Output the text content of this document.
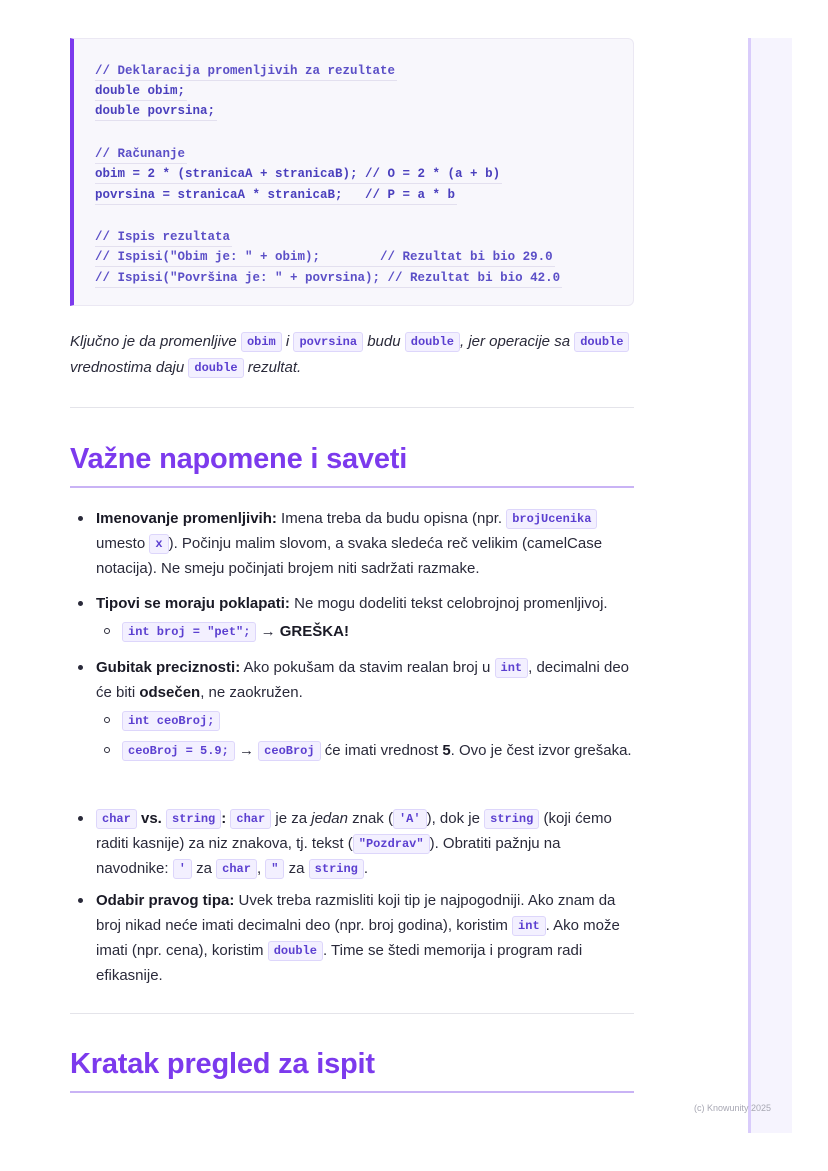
(c) Knowunity 2025
// Deklaracija promenljivih za rezultate
double obim;
double povrsina;
// Računanje
obim = 2 * (stranicaA + stranicaB); // O = 2 * (a + b)
povrsina = stranicaA * stranicaB;   // P = a * b
// Ispis rezultata
// Ispisi("Obim je: " + obim);        // Rezultat bi bio 29.0
// Ispisi("Površina je: " + povrsina); // Rezultat bi bio 42.0
Ključno je da promenljive obim i povrsina budu double , jer operacije sa double vrednostima daju double rezultat.
Važne napomene i saveti
Imenovanje promenljivih: Imena treba da budu opisna (npr. brojUcenika umesto x ). Počinju malim slovom, a svaka sledeća reč velikim (camelCase notacija). Ne smeju počinjati brojem niti sadržati razmake.
Tipovi se moraju poklapati: Ne mogu dodeliti tekst celobrojnoj promenljivoj.
int broj = "pet"; → GREŠKA!
Gubitak preciznosti: Ako pokušam da stavim realan broj u int , decimalni deo će biti odsečen, ne zaokružen.
int ceoBroj;
ceoBroj = 5.9; → ceoBroj će imati vrednost 5. Ovo je čest izvor grešaka.
char vs. string : char je za jedan znak ( 'A' ), dok je string (koji ćemo raditi kasnije) za niz znakova, tj. tekst ( "Pozdrav" ). Obratiti pažnju na navodnike: ' za char , " za string .
Odabir pravog tipa: Uvek treba razmisliti koji tip je najpogodniji. Ako znam da broj nikad neće imati decimalni deo (npr. broj godina), koristim int . Ako može imati (npr. cena), koristim double . Time se štedi memorija i program radi efikasnije.
Kratak pregled za ispit
